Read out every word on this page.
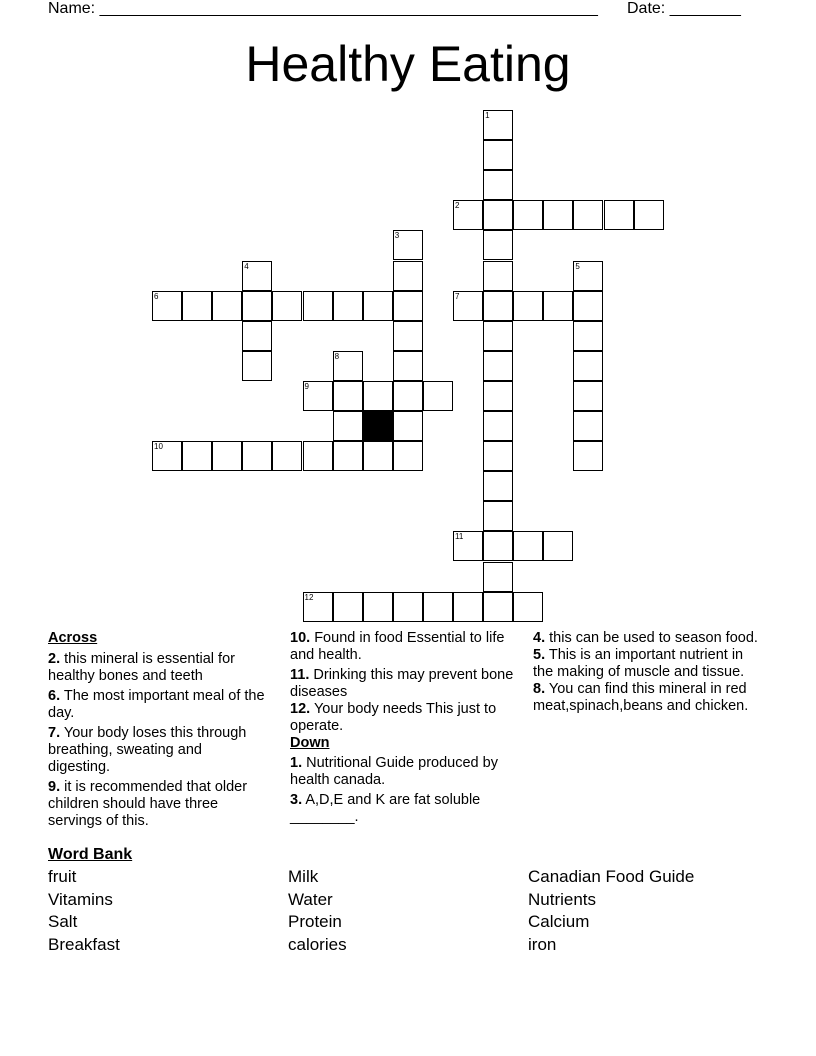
Name: ________________________________________________________ Date: ________
Healthy Eating
1
2
3
4	5
6	7
8
9
10
11
12
Across
2. this mineral is essential for healthy bones and teeth
6. The most important meal of the day.
7. Your body loses this through breathing, sweating and digesting.
9. it is recommended that older children should have three servings of this.
10. Found in food Essential to life and health.
11. Drinking this may prevent bone diseases
12. Your body needs This just to operate.
Down
1. Nutritional Guide produced by health canada.
3. A,D,E and K are fat soluble ________.
4. this can be used to season food.
5. This is an important nutrient in the making of muscle and tissue.
8. You can find this mineral in red meat,spinach,beans and chicken.
Word Bank
fruit
Vitamins
Salt
Breakfast
Milk
Water
Protein
calories
Canadian Food Guide
Nutrients
Calcium
iron
